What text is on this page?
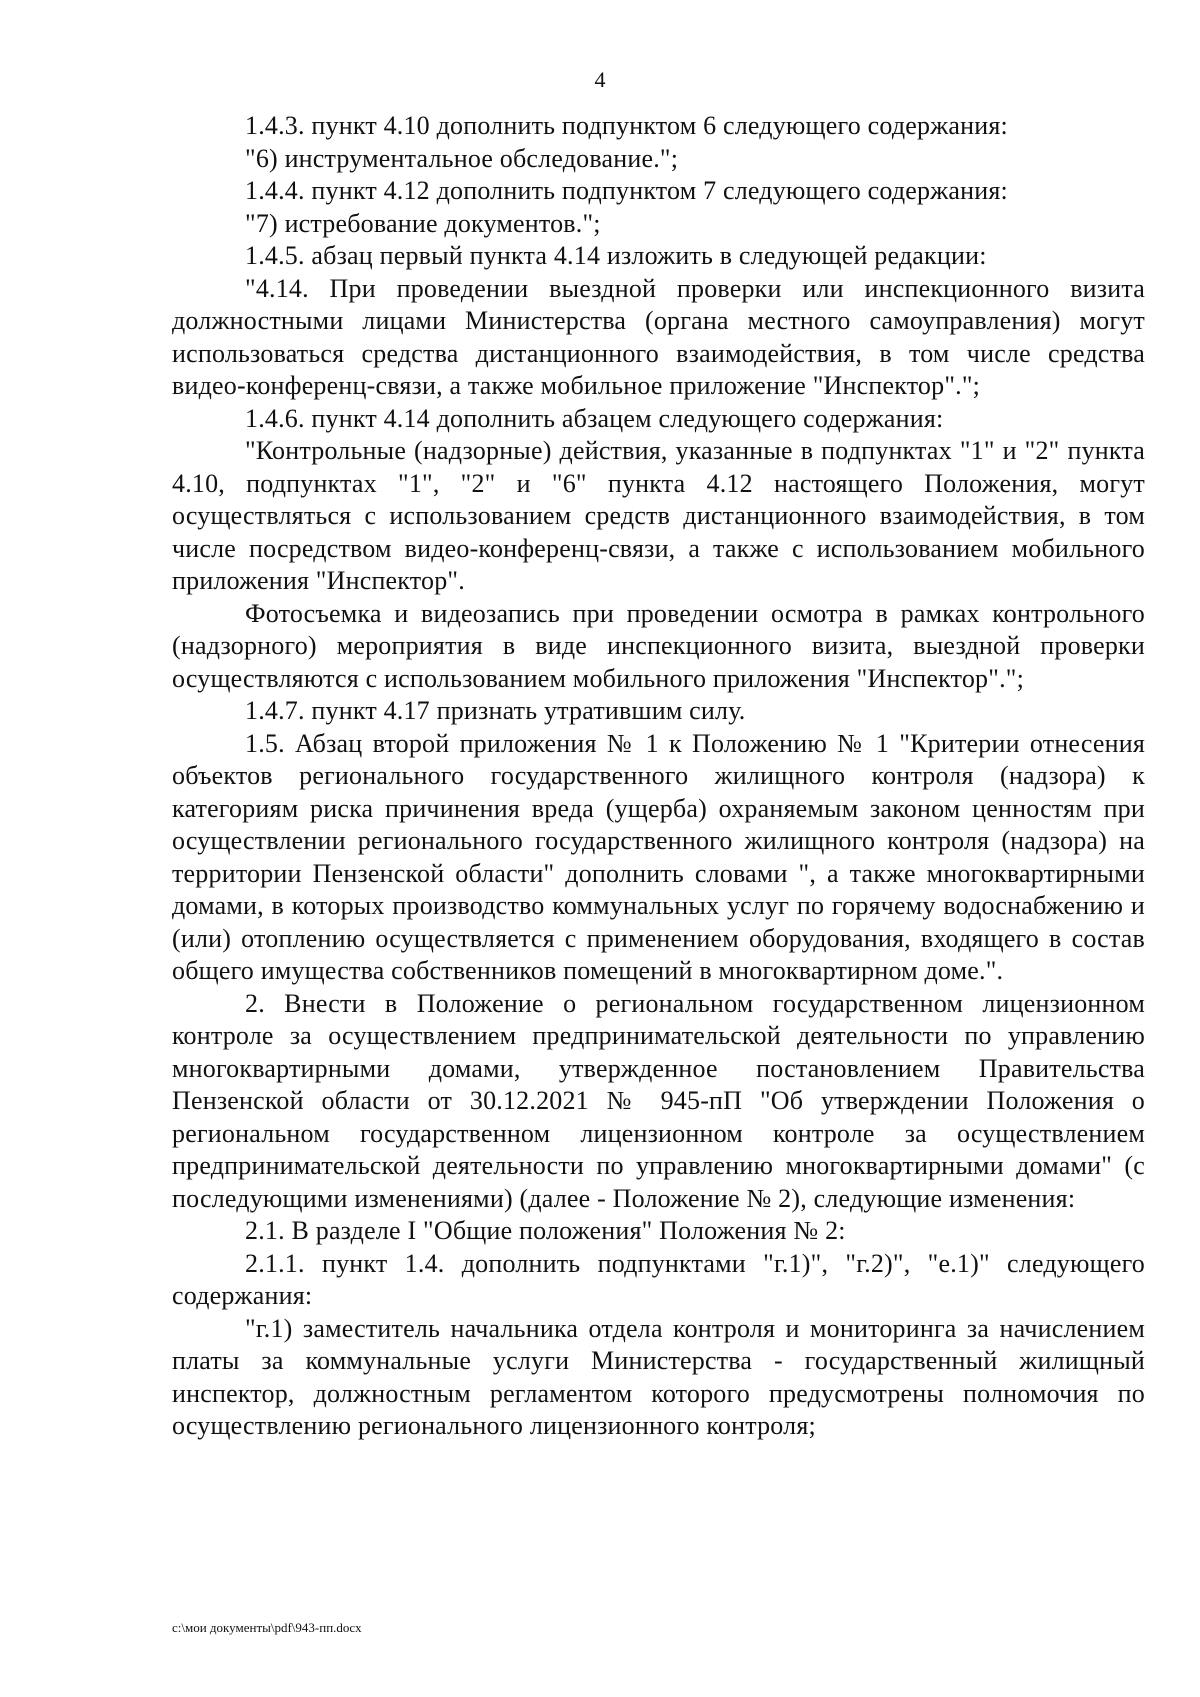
4

1.4.3. пункт 4.10 дополнить подпунктом 6 следующего содержания:

"6) инструментальное обследование.";

1.4.4. пункт 4.12 дополнить подпунктом 7 следующего содержания:

"7) истребование документов.";

1.4.5. абзац первый пункта 4.14 изложить в следующей редакции:

"4.14. При проведении выездной проверки или инспекционного визита должностными лицами Министерства (органа местного самоуправления) могут использоваться средства дистанционного взаимодействия, в том числе средства видео-конференц-связи, а также мобильное приложение "Инспектор".";

1.4.6. пункт 4.14 дополнить абзацем следующего содержания:

"Контрольные (надзорные) действия, указанные в подпунктах "1" и "2" пункта 4.10, подпунктах "1", "2" и "6" пункта 4.12 настоящего Положения, могут осуществляться с использованием средств дистанционного взаимодействия, в том числе посредством видео-конференц-связи, а также с использованием мобильного приложения "Инспектор".

Фотосъемка и видеозапись при проведении осмотра в рамках контрольного (надзорного) мероприятия в виде инспекционного визита, выездной проверки осуществляются с использованием мобильного приложения "Инспектор".";

1.4.7. пункт 4.17 признать утратившим силу.

1.5. Абзац второй приложения № 1 к Положению № 1 "Критерии отнесения объектов регионального государственного жилищного контроля (надзора) к категориям риска причинения вреда (ущерба) охраняемым законом ценностям при осуществлении регионального государственного жилищного контроля (надзора) на территории Пензенской области" дополнить словами ", а также многоквартирными домами, в которых производство коммунальных услуг по горячему водоснабжению и (или) отоплению осуществляется с применением оборудования, входящего в состав общего имущества собственников помещений в многоквартирном доме.".

2. Внести в Положение о региональном государственном лицензионном контроле за осуществлением предпринимательской деятельности по управлению многоквартирными домами, утвержденное постановлением Правительства Пензенской области от 30.12.2021 № 945-пП "Об утверждении Положения о региональном государственном лицензионном контроле за осуществлением предпринимательской деятельности по управлению многоквартирными домами" (с последующими изменениями) (далее - Положение № 2), следующие изменения:

2.1. В разделе I "Общие положения" Положения № 2:

2.1.1. пункт 1.4. дополнить подпунктами "г.1)", "г.2)", "е.1)" следующего содержания:

"г.1) заместитель начальника отдела контроля и мониторинга за начислением платы за коммунальные услуги Министерства - государственный жилищный инспектор, должностным регламентом которого предусмотрены полномочия по осуществлению регионального лицензионного контроля;

c:\мои документы\pdf\943-пп.docx
